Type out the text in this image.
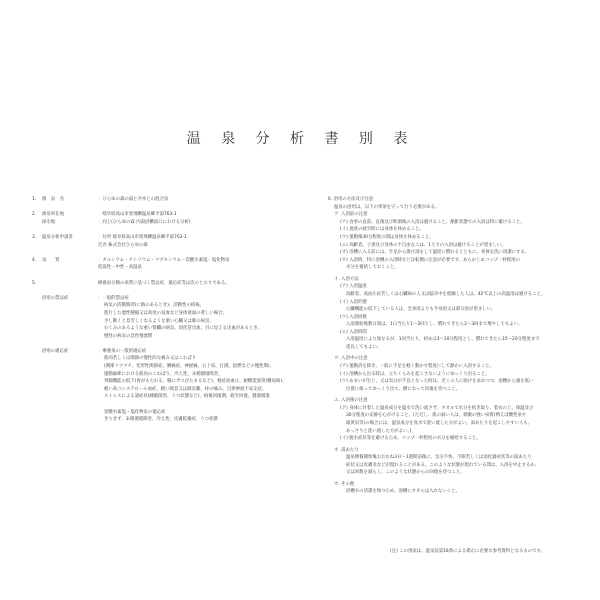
温 泉 分 析 書 別 表
1. 源　泉　名	：ひらゆの森の湯と共木との混合泉
2. 源泉所在地	：岐阜県高山市奥飛騨温泉郷平湯763-1
採水地	：同上(ひらゆの森 内湯浴槽湯口における分析)
3. 温泉分析申請者	：住所 岐阜県高山市奥飛騨温泉郷平湯763-1
氏名 株式会社ひらゆの森
4. 泉　　質	：カルシウム・ナトリウム・マグネシウム－炭酸水素塩・塩化物泉
低張性－中性－高温泉
5.	療養泉分類の泉質に基づく禁忌症、適応症等は次のとおりである。
浴用の禁忌症	：一般的禁忌症
病気の活動期(特に熱のあるとき)、活動性の結核、
進行した悪性腫瘍又は高度の貧血など身体衰弱の著しい場合、
少し動くと息苦しくなるような重い心臓又は肺の病気、
むくみのあるような重い腎臓の病気、消化管出血、目に見える出血があるとき、
慢性の病気の急性増悪期
浴用の適応症	：療養泉の一般的適応症
筋肉若しくは関節の慢性的な痛み又はこわばり
(関節リウマチ、変形性関節症、腰痛症、神経痛、五十肩、打撲、捻挫などの慢性期)、
運動麻痺における筋肉のこわばり、冷え性、末梢循環障害、
胃腸機能の低下(胃がもたれる、腸にガスがたまるなど)、軽症高血圧、耐糖能異常(糖尿病)、
軽い高コレステロール血症、軽い喘息又は肺気腫、痔の痛み、自律神経不安定症、
ストレスによる諸症状(睡眠障害、うつ状態など)、病後回復期、疲労回復、健康増進
炭酸水素塩・塩化物泉の適応症
きりきず、末梢循環障害、冷え性、皮膚乾燥症、うつ状態
6. 浴用の方法及び注意
温泉の浴用は、以下の事項を守って行う必要がある。
ア. 入浴前の注意
(ア) 食事の直前、直後及び飲酒後の入浴は避けること。酩酊状態での入浴は特に避けること。
(イ) 過度の疲労時には身体を休めること。
(ウ) 運動後30分程度の間は身体を休めること。
(エ) 高齢者、子供及び身体の不自由な人は、1人での入浴は避けることが望ましい。
(オ) 浴槽に入る前には、手足から掛け湯をして温度に慣れるとともに、身体を洗い清潔にする。
(カ) 入浴時、特に浴槽の入浴時などは転倒に注意が必要です。あらかじめコップ一杯程度の
水分を補給しておくこと。
イ. 入浴方法
(ア) 入浴温度
高齢者、高血圧症若しくは心臓病の人又は脳卒中を経験した人は、42℃以上の高温浴は避けること。
(イ) 入浴形態
心臓機能の低下している人は、全身浴よりも半身浴又は部分浴が望ましい。
(ウ) 入浴回数
入浴開始後数日間は、1日当たり1～2回とし、慣れてきたら2～3回まで増やしてもよい。
(エ) 入浴時間
入浴温度により異なるが、1回当たり、初めは3～10分程度とし、慣れてきたら15～20分程度まで
延長してもよい。
ウ. 入浴中の注意
(ア) 運動浴を除き、一般に手足を軽く動かす程度にして静かに入浴すること。
(イ) 浴槽から出る時は、立ちくらみを起こさないようにゆっくり出ること。
(ウ) めまいが生じ、又は気分が不良となった時は、近くの人に助けを求めつつ、浴槽から頭を低い
位置に保ってゆっくり出て、横になって回復を待つこと。
エ. 入浴後の注意
(ア) 身体に付着した温泉成分を温水で洗い流さず、タオルで水分を拭き取り、着衣の上、保温及び
30分程度の安静を心がけること。(ただし、肌の弱い人は、刺激の強い泉質(例えば酸性泉や
硫黄泉等)の場合には、温泉成分を真水で洗い流した方がよい。湯あたりを起こしやすい人も、
あっさりと洗い流した方がよい。)
(イ) 脱水症状等を避けるため、コップ一杯程度の水分を補給すること。
オ. 湯あたり
温泉療養開始後おおむね3日～1週間前後に、気分不快、不眠若しくは消化器症状等の湯あたり
症状又は皮膚炎などが現れることがある。このような状態が現れている間は、入浴を中止するか、
又は回数を減らし、このような状態からの回復を待つこと。
カ. その他
浴槽水の清潔を保つため、浴槽にタオルは入れないこと。
(注) この別表は、温泉法第18条による掲示に必要な参考資料となるものです。
